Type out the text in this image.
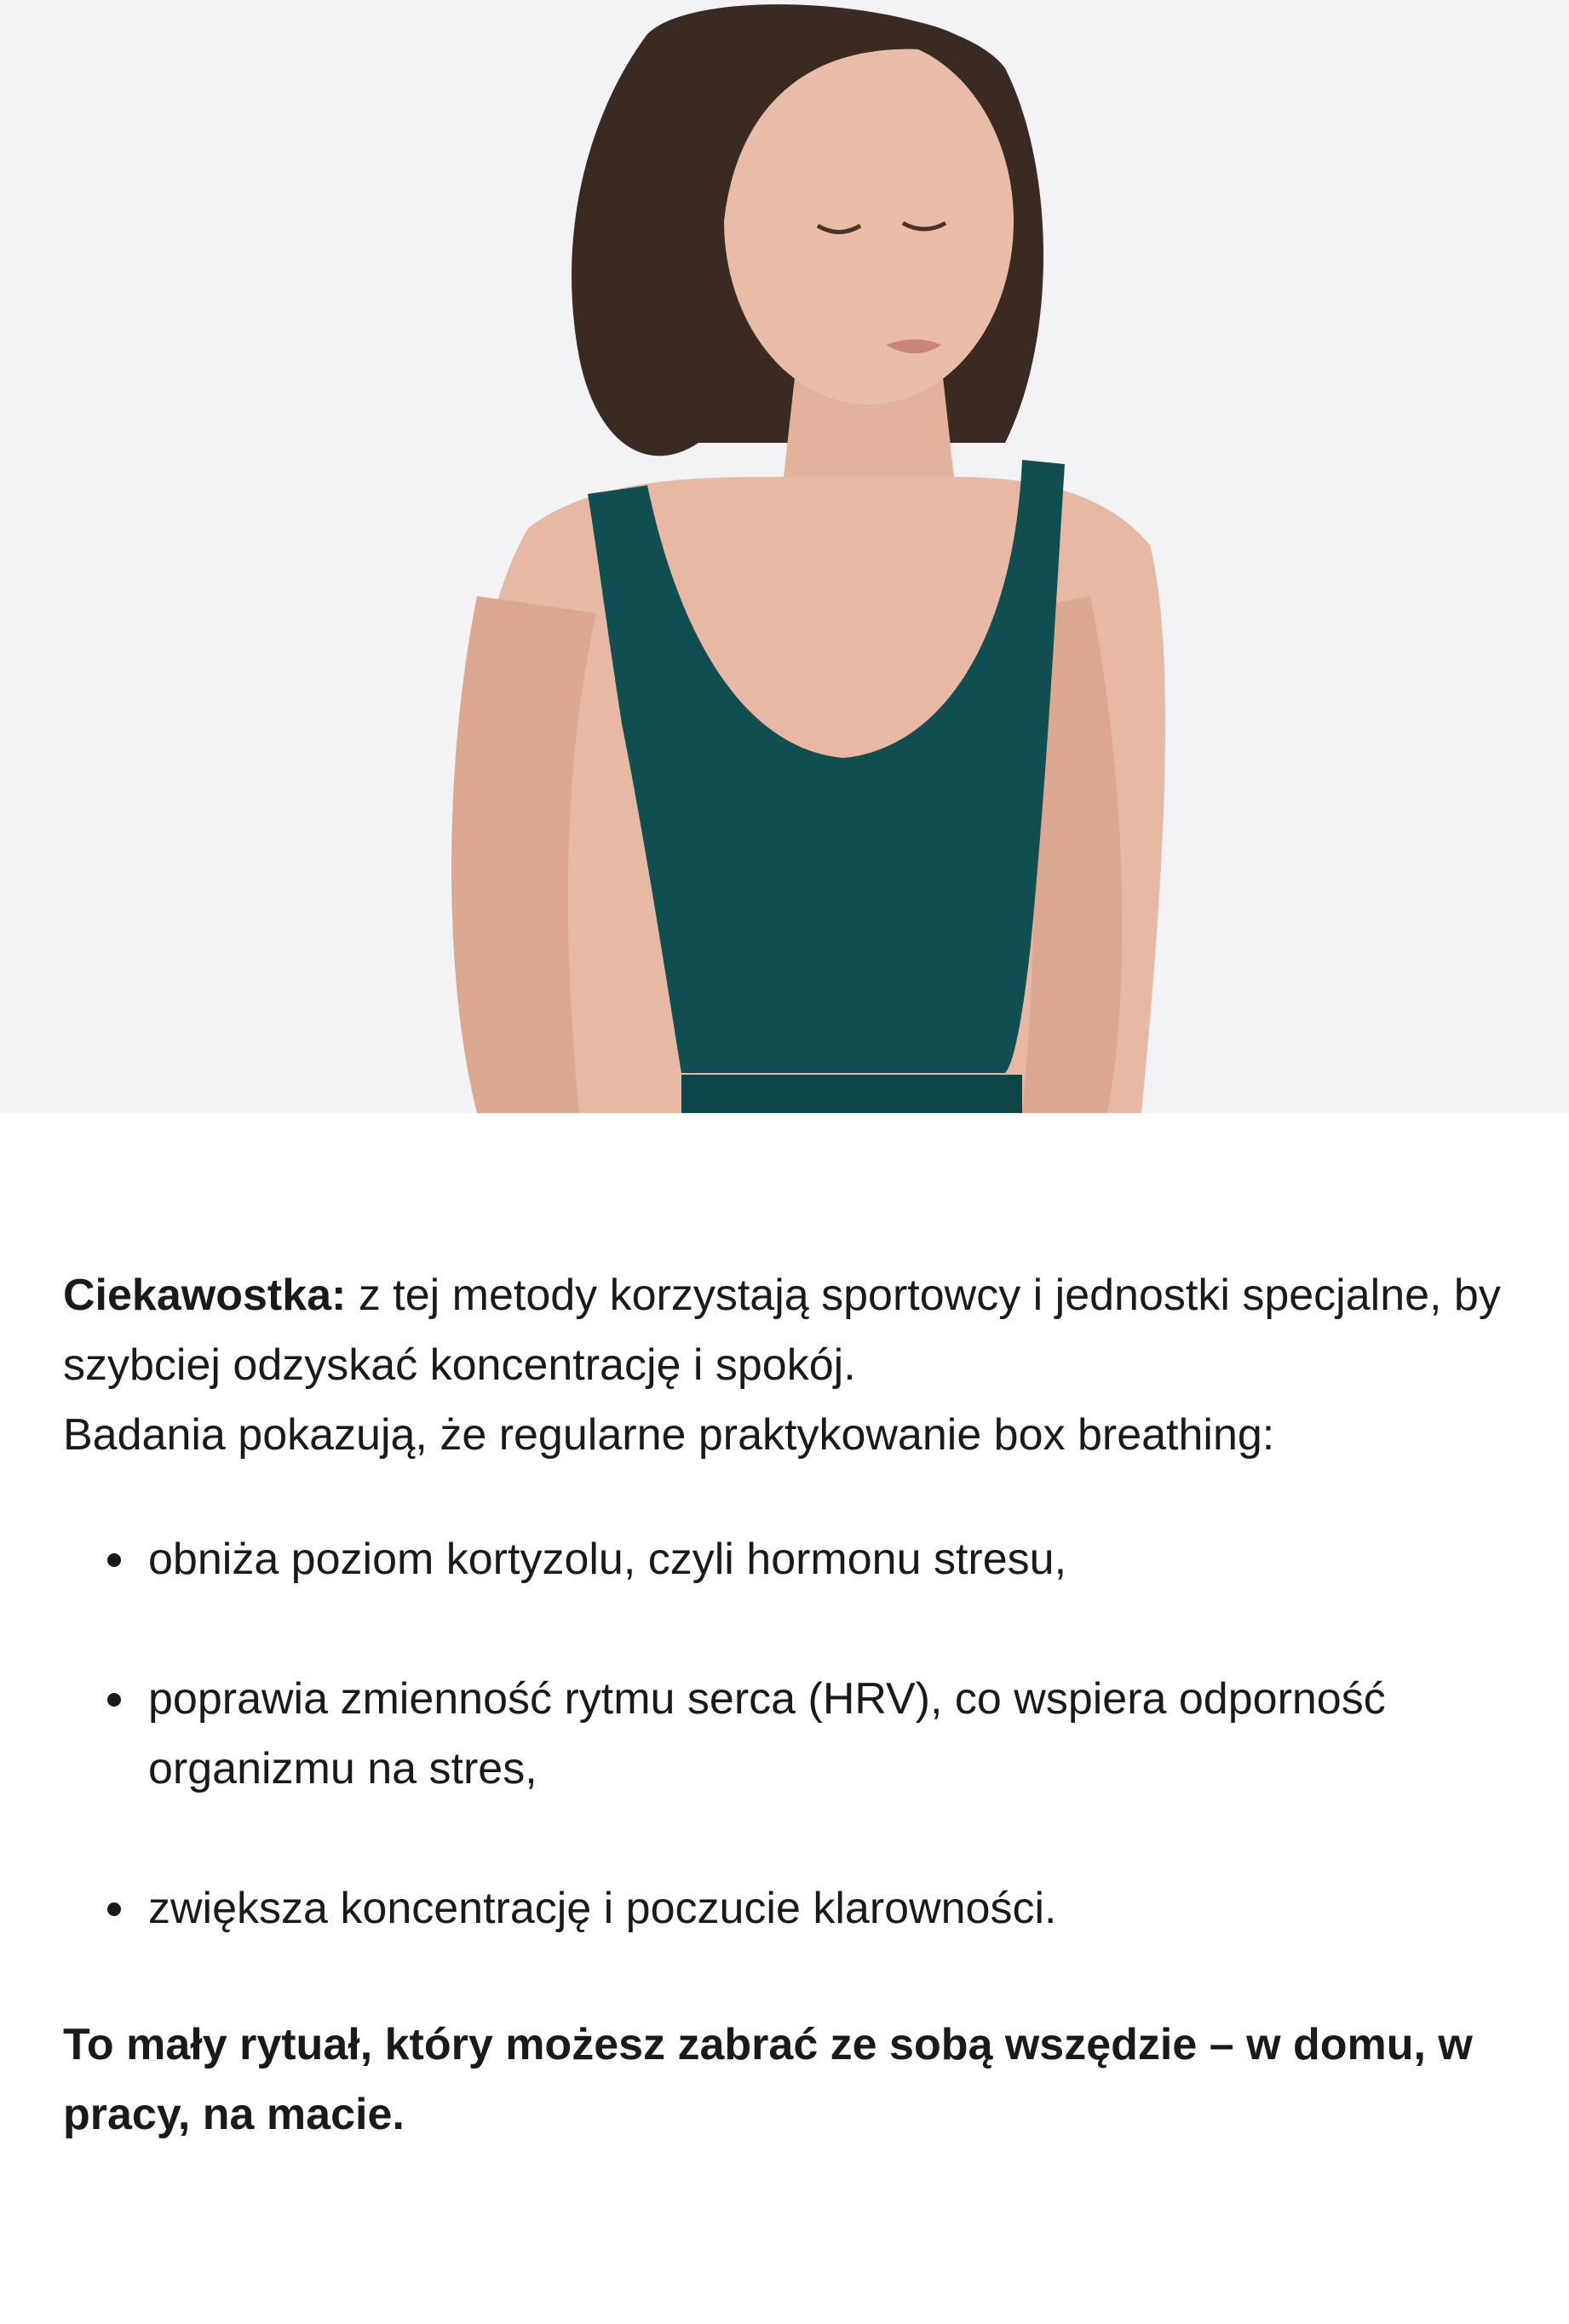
Ciekawostka: z tej metody korzystają sportowcy i jednostki specjalne, by szybciej odzyskać koncentrację i spokój.

Badania pokazują, że regularne praktykowanie box breathing:

obniża poziom kortyzolu, czyli hormonu stresu,
poprawia zmienność rytmu serca (HRV), co wspiera odporność organizmu na stres,
zwiększa koncentrację i poczucie klarowności.

To mały rytuał, który możesz zabrać ze sobą wszędzie – w domu, w pracy, na macie.
